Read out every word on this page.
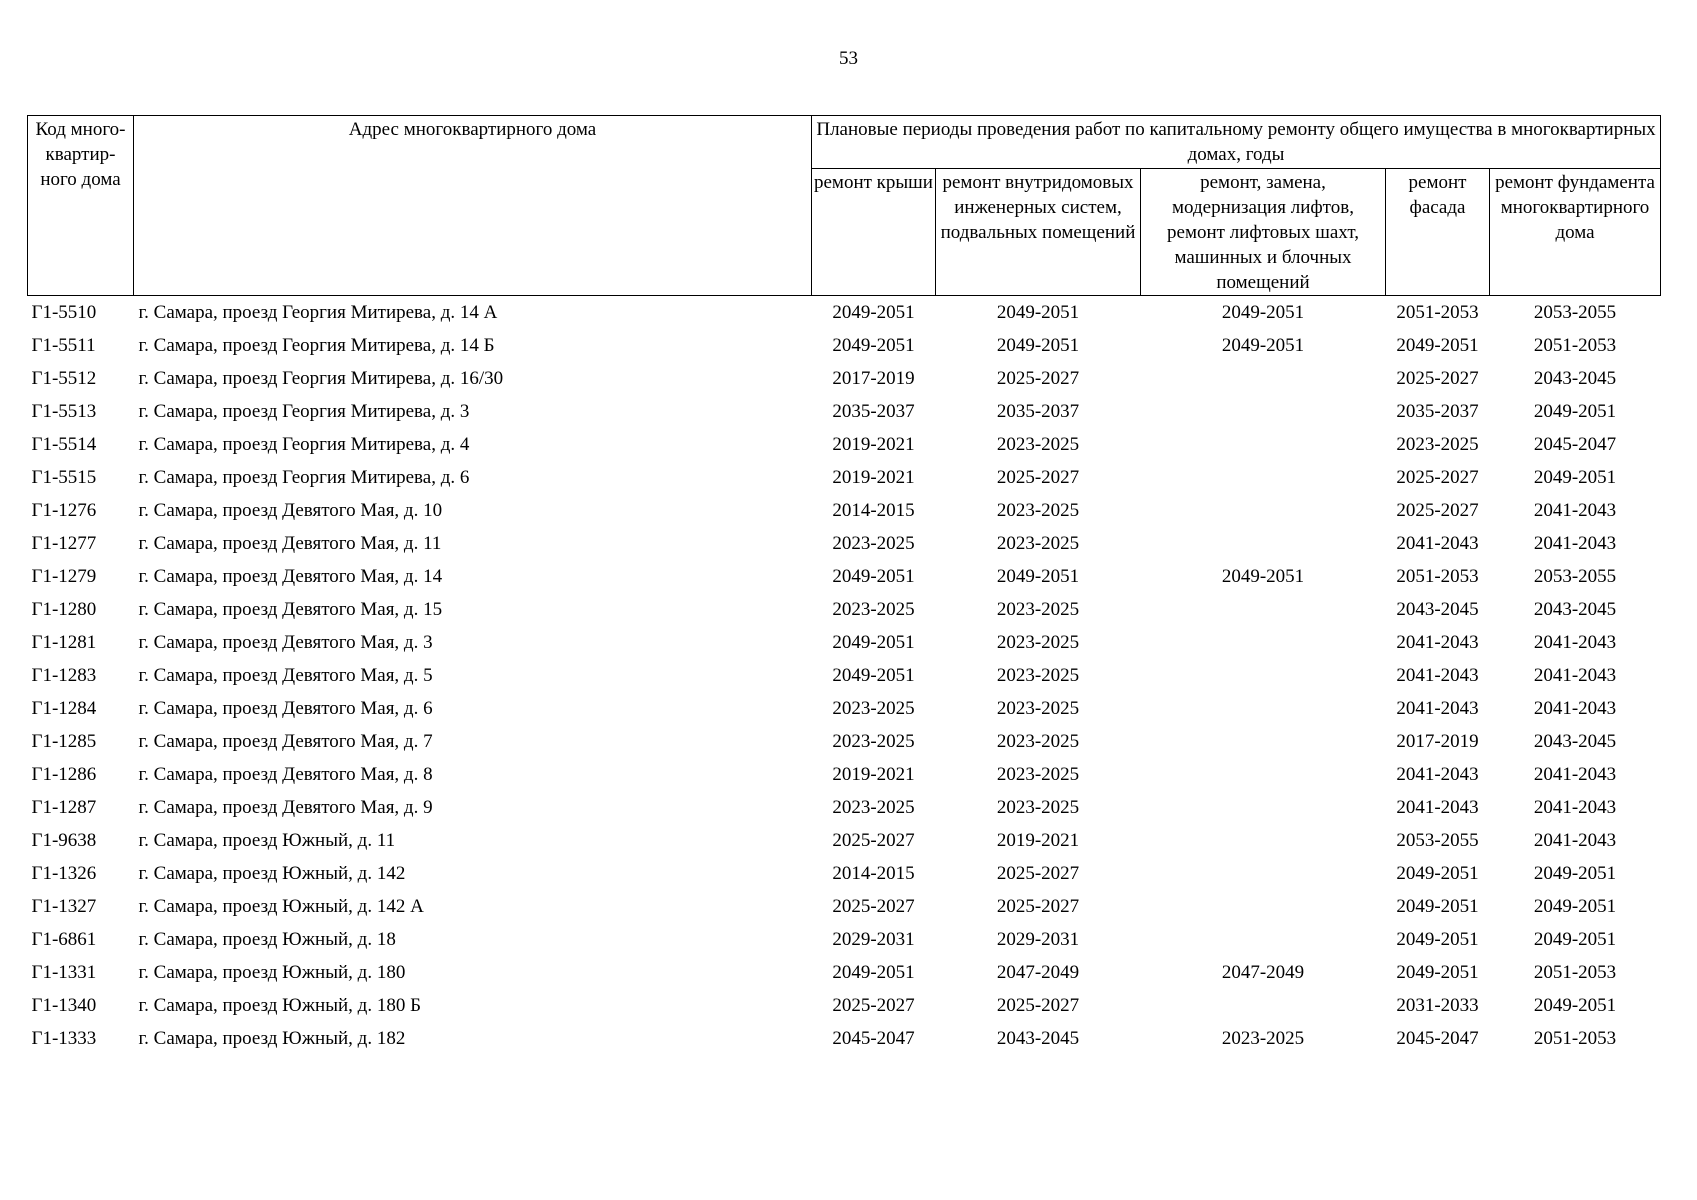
53
Код много-квартир-ного дома	Адрес многоквартирного дома	Плановые периоды проведения работ по капитальному ремонту общего имущества в многоквартирных домах, годы				
		ремонт крыши	ремонт внутридомовых инженерных систем, подвальных помещений	ремонт, замена, модернизация лифтов, ремонт лифтовых шахт, машинных и блочных помещений	ремонт фасада	ремонт фундамента многоквартирного дома
Г1-5510	г. Самара, проезд Георгия Митирева, д. 14 А	2049-2051	2049-2051	2049-2051	2051-2053	2053-2055
Г1-5511	г. Самара, проезд Георгия Митирева, д. 14 Б	2049-2051	2049-2051	2049-2051	2049-2051	2051-2053
Г1-5512	г. Самара, проезд Георгия Митирева, д. 16/30	2017-2019	2025-2027		2025-2027	2043-2045
Г1-5513	г. Самара, проезд Георгия Митирева, д. 3	2035-2037	2035-2037		2035-2037	2049-2051
Г1-5514	г. Самара, проезд Георгия Митирева, д. 4	2019-2021	2023-2025		2023-2025	2045-2047
Г1-5515	г. Самара, проезд Георгия Митирева, д. 6	2019-2021	2025-2027		2025-2027	2049-2051
Г1-1276	г. Самара, проезд Девятого Мая, д. 10	2014-2015	2023-2025		2025-2027	2041-2043
Г1-1277	г. Самара, проезд Девятого Мая, д. 11	2023-2025	2023-2025		2041-2043	2041-2043
Г1-1279	г. Самара, проезд Девятого Мая, д. 14	2049-2051	2049-2051	2049-2051	2051-2053	2053-2055
Г1-1280	г. Самара, проезд Девятого Мая, д. 15	2023-2025	2023-2025		2043-2045	2043-2045
Г1-1281	г. Самара, проезд Девятого Мая, д. 3	2049-2051	2023-2025		2041-2043	2041-2043
Г1-1283	г. Самара, проезд Девятого Мая, д. 5	2049-2051	2023-2025		2041-2043	2041-2043
Г1-1284	г. Самара, проезд Девятого Мая, д. 6	2023-2025	2023-2025		2041-2043	2041-2043
Г1-1285	г. Самара, проезд Девятого Мая, д. 7	2023-2025	2023-2025		2017-2019	2043-2045
Г1-1286	г. Самара, проезд Девятого Мая, д. 8	2019-2021	2023-2025		2041-2043	2041-2043
Г1-1287	г. Самара, проезд Девятого Мая, д. 9	2023-2025	2023-2025		2041-2043	2041-2043
Г1-9638	г. Самара, проезд Южный, д. 11	2025-2027	2019-2021		2053-2055	2041-2043
Г1-1326	г. Самара, проезд Южный, д. 142	2014-2015	2025-2027		2049-2051	2049-2051
Г1-1327	г. Самара, проезд Южный, д. 142 А	2025-2027	2025-2027		2049-2051	2049-2051
Г1-6861	г. Самара, проезд Южный, д. 18	2029-2031	2029-2031		2049-2051	2049-2051
Г1-1331	г. Самара, проезд Южный, д. 180	2049-2051	2047-2049	2047-2049	2049-2051	2051-2053
Г1-1340	г. Самара, проезд Южный, д. 180 Б	2025-2027	2025-2027		2031-2033	2049-2051
Г1-1333	г. Самара, проезд Южный, д. 182	2045-2047	2043-2045	2023-2025	2045-2047	2051-2053
